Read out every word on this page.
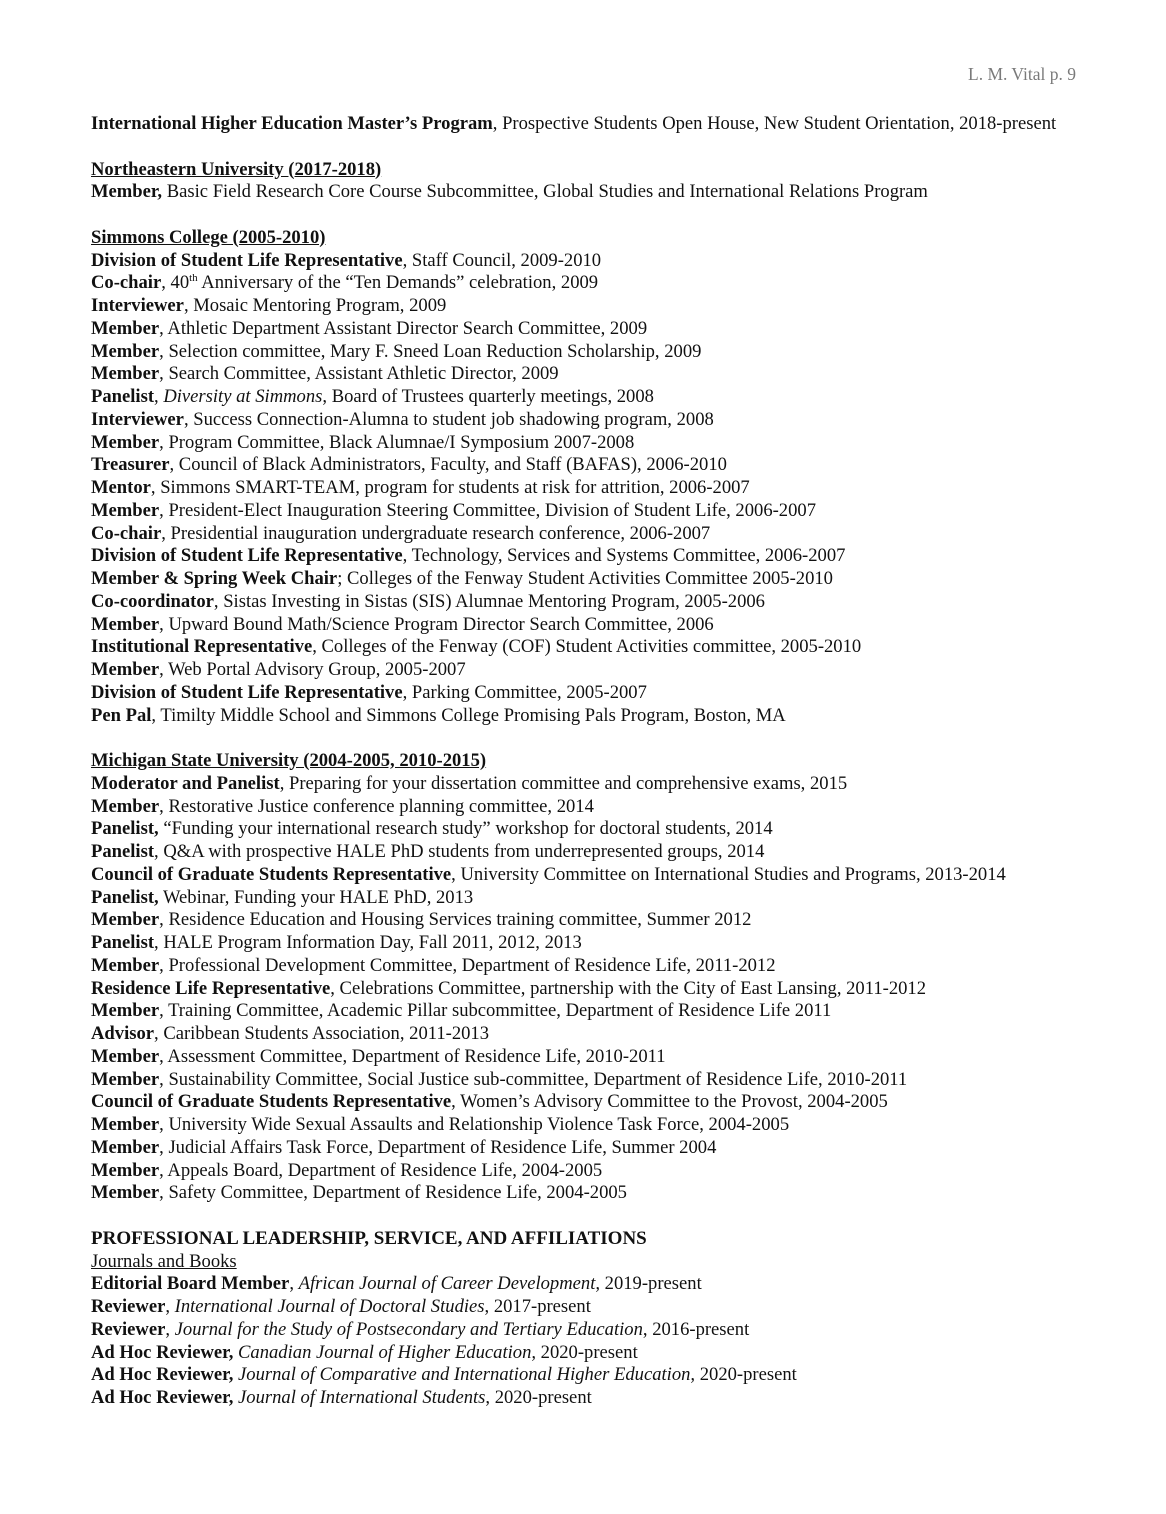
L. M. Vital p. 9
International Higher Education Master’s Program, Prospective Students Open House, New Student Orientation, 2018-present
Northeastern University (2017-2018)
Member, Basic Field Research Core Course Subcommittee, Global Studies and International Relations Program
Simmons College (2005-2010)
Division of Student Life Representative, Staff Council, 2009-2010
Co-chair, 40th Anniversary of the “Ten Demands” celebration, 2009
Interviewer, Mosaic Mentoring Program, 2009
Member, Athletic Department Assistant Director Search Committee, 2009
Member, Selection committee, Mary F. Sneed Loan Reduction Scholarship, 2009
Member, Search Committee, Assistant Athletic Director, 2009
Panelist, Diversity at Simmons, Board of Trustees quarterly meetings, 2008
Interviewer, Success Connection-Alumna to student job shadowing program, 2008
Member, Program Committee, Black Alumnae/I Symposium 2007-2008
Treasurer, Council of Black Administrators, Faculty, and Staff (BAFAS), 2006-2010
Mentor, Simmons SMART-TEAM, program for students at risk for attrition, 2006-2007
Member, President-Elect Inauguration Steering Committee, Division of Student Life, 2006-2007
Co-chair, Presidential inauguration undergraduate research conference, 2006-2007
Division of Student Life Representative, Technology, Services and Systems Committee, 2006-2007
Member & Spring Week Chair; Colleges of the Fenway Student Activities Committee 2005-2010
Co-coordinator, Sistas Investing in Sistas (SIS) Alumnae Mentoring Program, 2005-2006
Member, Upward Bound Math/Science Program Director Search Committee, 2006
Institutional Representative, Colleges of the Fenway (COF) Student Activities committee, 2005-2010
Member, Web Portal Advisory Group, 2005-2007
Division of Student Life Representative, Parking Committee, 2005-2007
Pen Pal, Timilty Middle School and Simmons College Promising Pals Program, Boston, MA
Michigan State University (2004-2005, 2010-2015)
Moderator and Panelist, Preparing for your dissertation committee and comprehensive exams, 2015
Member, Restorative Justice conference planning committee, 2014
Panelist, “Funding your international research study” workshop for doctoral students, 2014
Panelist, Q&A with prospective HALE PhD students from underrepresented groups, 2014
Council of Graduate Students Representative, University Committee on International Studies and Programs, 2013-2014
Panelist, Webinar, Funding your HALE PhD, 2013
Member, Residence Education and Housing Services training committee, Summer 2012
Panelist, HALE Program Information Day, Fall 2011, 2012, 2013
Member, Professional Development Committee, Department of Residence Life, 2011-2012
Residence Life Representative, Celebrations Committee, partnership with the City of East Lansing, 2011-2012
Member, Training Committee, Academic Pillar subcommittee, Department of Residence Life 2011
Advisor, Caribbean Students Association, 2011-2013
Member, Assessment Committee, Department of Residence Life, 2010-2011
Member, Sustainability Committee, Social Justice sub-committee, Department of Residence Life, 2010-2011
Council of Graduate Students Representative, Women’s Advisory Committee to the Provost, 2004-2005
Member, University Wide Sexual Assaults and Relationship Violence Task Force, 2004-2005
Member, Judicial Affairs Task Force, Department of Residence Life, Summer 2004
Member, Appeals Board, Department of Residence Life, 2004-2005
Member, Safety Committee, Department of Residence Life, 2004-2005
PROFESSIONAL LEADERSHIP, SERVICE, AND AFFILIATIONS
Journals and Books
Editorial Board Member, African Journal of Career Development, 2019-present
Reviewer, International Journal of Doctoral Studies, 2017-present
Reviewer, Journal for the Study of Postsecondary and Tertiary Education, 2016-present
Ad Hoc Reviewer, Canadian Journal of Higher Education, 2020-present
Ad Hoc Reviewer, Journal of Comparative and International Higher Education, 2020-present
Ad Hoc Reviewer, Journal of International Students, 2020-present
